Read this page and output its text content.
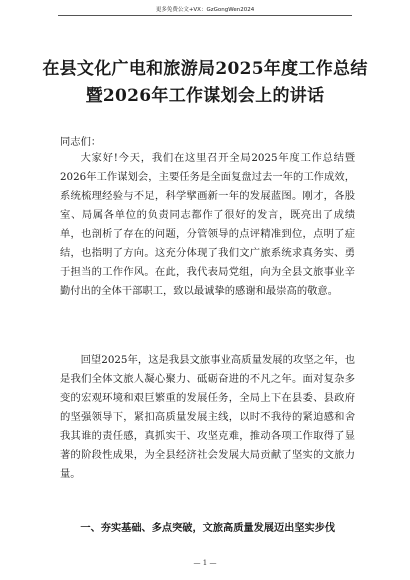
更多免费公文+VX：GzGongWen2024
在县文化广电和旅游局2025年度工作总结暨2026年工作谋划会上的讲话
同志们：

大家好!今天，我们在这里召开全局2025年度工作总结暨2026年工作谋划会，主要任务是全面复盘过去一年的工作成效，系统梳理经验与不足，科学擘画新一年的发展蓝图。刚才，各股室、局属各单位的负责同志都作了很好的发言，既亮出了成绩单，也剖析了存在的问题，分管领导的点评精准到位，点明了症结，也指明了方向。这充分体现了我们文广旅系统求真务实、勇于担当的工作作风。在此，我代表局党组，向为全县文旅事业辛勤付出的全体干部职工，致以最诚挚的感谢和最崇高的敬意。

回望2025年，这是我县文旅事业高质量发展的攻坚之年，也是我们全体文旅人凝心聚力、砥砺奋进的不凡之年。面对复杂多变的宏观环境和艰巨繁重的发展任务，全局上下在县委、县政府的坚强领导下，紧扣高质量发展主线，以时不我待的紧迫感和舍我其谁的责任感，真抓实干、攻坚克难，推动各项工作取得了显著的阶段性成果，为全县经济社会发展大局贡献了坚实的文旅力量。

一、夯实基础、多点突破，文旅高质量发展迈出坚实步伐
— 1 —
